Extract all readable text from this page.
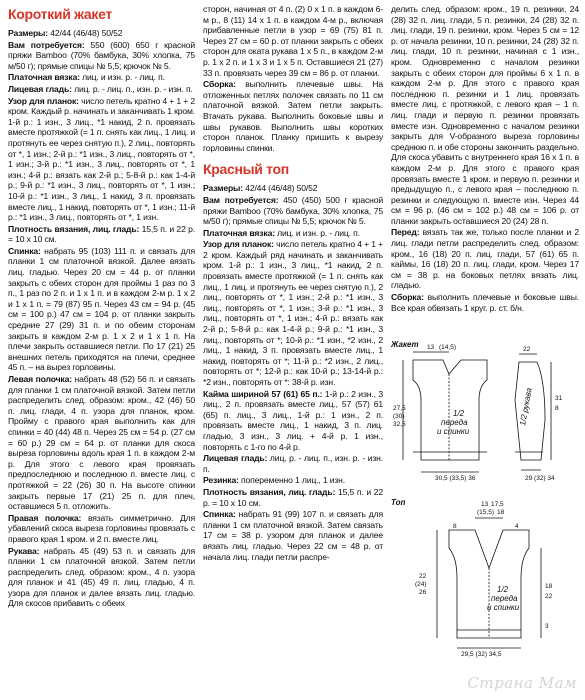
Короткий жакет

Размеры: 42/44 (46/48) 50/52

Вам потребуется: 550 (600) 650 г красной пряжи Bamboo (70% бамбука, 30% хлопка, 75 м/50 г); прямые спицы № 5,5; крючок № 5.

Платочная вязка: лиц. и изн. р. - лиц. п.

Лицевая гладь: лиц. р. - лиц. п., изн. р. - изн. п.

Узор для планок: число петель кратно 4 + 1 + 2 кром. Каждый р. начинать и заканчивать 1 кром. 1-й р.: 1 изн., 3 лиц., *1 накид, 2 п. провязать вместе протяжкой (= 1 п. снять как лиц., 1 лиц. и протянуть ее через снятую п.), 2 лиц., повторять от *, 1 изн.; 2-й р.: *1 изн., 3 лиц., повторять от *, 1 изн.; 3-й р.: *1 изн., 3 лиц., повторять от *, 1 изн.; 4-й р.: вязать как 2-й р.; 5-8-й р.: как 1-4-й р.; 9-й р.: *1 изн., 3 лиц., повторять от *, 1 изн.; 10-й р.: *1 изн., 3 лиц., 1 накид, 3 п. провязать вместе лиц., 1 накид, повторять от *, 1 изн.; 11-й р.: *1 изн., 3 лиц., повторять от *, 1 изн.

Плотность вязания, лиц. гладь: 15,5 п. и 22 р. = 10 х 10 см.

Спинка: набрать 95 (103) 111 п. и связать для планки 1 см платочной вязкой. Далее вязать лиц. гладью. Через 20 см = 44 р. от планки закрыть с обеих сторон для проймы 1 раз по 3 п., 1 раз по 2 п. и 1 х 1 п. и в каждом 2-м р. 1 х 2 и 1 х 1 п. = 79 (87) 95 п. Через 43 см = 94 р. (45 см = 100 р.) 47 см = 104 р. от планки закрыть средние 27 (29) 31 п. и по обеим сторонам закрыть в каждом 2-м р. 1 х 2 и 1 х 1 п. На плечи закрыть оставшиеся петли. По 17 (21) 25 внешних петель приходятся на плечи, среднее 45 п. – на вырез горловины.

Левая полочка: набрать 48 (52) 56 п. и связать для планки 1 см платочной вязкой. Затем петли распределить след. образом: кром., 42 (46) 50 п. лиц. глади, 4 п. узора для планок, кром. Пройму с правого края выполнить как для спинки = 40 (44) 48 п. Через 25 см = 54 р. (27 см = 60 р.) 29 см = 64 р. от планки для скоса выреза горловины вдоль края 1 п. в каждом 2-м р. Для этого с левого края провязать предпоследнюю и последнюю п. вместе лиц. с протяжкой = 22 (26) 30 п. На высоте спинки закрыть первые 17 (21) 25 п. для плеч, оставшиеся 5 п. отложить.

Правая полочка: вязать симметрично. Для убавлений скоса выреза горловины провязать с правого края 1 кром. и 2 п. вместе лиц.

Рукава: набрать 45 (49) 53 п. и связать для планки 1 см платочной вязкой. Затем петли распределить след. образом: кром., 4 п. узора для планок и 41 (45) 49 п. лиц. гладью, 4 п. узора для планок и далее вязать лиц. гладью. Для скосов прибавить с обеих

сторон, начиная от 4 п. (2) 0 х 1 п. в каждом 6-м р., 8 (11) 14 х 1 п. в каждом 4-м р., включая прибавленные петли в узор = 69 (75) 81 п. Через 27 см = 60 р. от планки закрыть с обеих сторон для оката рукава 1 х 5 п., в каждом 2-м р. 1 х 2 п. и 1 х 3 и 1 х 5 п. Оставшиеся 21 (27) 33 п. провязать через 39 см = 86 р. от планки.

Сборка: выполнить плечевые швы. На отложенных петлях полочек связать по 11 см платочной вязкой. Затем петли закрыть. Втачать рукава. Выполнить боковые швы и швы рукавов. Выполнить швы коротких сторон планок. Планку пришить к вырезу горловины спинки.

Красный топ

Размеры: 42/44 (46/48) 50/52

Вам потребуется: 450 (450) 500 г красной пряжи Bamboo (70% бамбука, 30% хлопка, 75 м/50 г); прямые спицы № 5,5; крючок № 5.

Платочная вязка: лиц. и изн. р. - лиц. п.

Узор для планок: число петель кратно 4 + 1 + 2 кром. Каждый ряд начинать и заканчивать кром. 1-й р.: 1 изн., 3 лиц., *1 накид, 2 п. провязать вместе протяжкой (= 1 п. снять как лиц., 1 лиц. и протянуть ее через снятую п.), 2 лиц., повторять от *, 1 изн.; 2-й р.: *1 изн., 3 лиц., повторять от *, 1 изн.; 3-й р.: *1 изн., 3 лиц., повторять от *, 1 изн.; 4-й р.: вязать как 2-й р.; 5-8-й р.: как 1-4-й р.; 9-й р.: *1 изн., 3 лиц., повторять от *; 10-й р.: *1 изн., *2 изн., 2 лиц., 1 накид, 3 п. провязать вместе лиц., 1 накид, повторять от *; 11-й р.: *2 изн., 2 лиц., повторять от *; 12-й р.: как 10-й р.; 13-14-й р.: *2 изн., повторять от *: 38-й р. изн.

Кайма шириной 57 (61) 65 п.: 1-й р.: 2 изн., 3 лиц., 2 п. провязать вместе лиц., 57 (57) 61 (65) п. лиц., 3 лиц., 1-й р.: 1 изн., 2 п. провязать вместе лиц., 1 накид, 3 п. лиц. гладью, 3 изн., 3 лиц. + 4-й р. 1 изн., повторять с 1-го по 4-й р.

Лицевая гладь: лиц. р. - лиц. п., изн. р. - изн. п.

Резинка: попеременно 1 лиц., 1 изн.

Плотность вязания, лиц. гладь: 15,5 п. и 22 р. = 10 х 10 см.

Спинка: набрать 91 (99) 107 п. и связать для планки 1 см платочной вязкой. Затем связать 17 см = 38 р. узором для планок и далее вязать лиц. гладью. Через 22 см = 48 р. от начала лиц. глади петли распре-

делить след. образом: кром., 19 п. резинки, 24 (28) 32 п. лиц. глади, 5 п. резинки, 24 (28) 32 п. лиц. глади, 19 п. резинки, кром. Через 5 см = 12 р. от начала резинки, 10 п. резинки, 24 (28) 32 п. лиц. глади, 10 п. резинки, начиная с 1 изн., кром. Одновременно с началом резинки закрыть с обеих сторон для проймы 6 х 1 п. в каждом 2-м р. Для этого с правого края последнюю п. резинки и 1 лиц. провязать вместе лиц. с протяжкой, с левого края – 1 п. лиц. глади и первую п. резинки провязать вместе изн. Одновременно с началом резинки закрыть для V-образного выреза горловины среднюю п. и обе стороны закончить раздельно. Для скоса убавить с внутреннего края 16 х 1 п. в каждом 2-м р. Для этого с правого края провязать вместе 1 кром. и первую п. резинки и предыдущую п., с левого края – последнюю п. резинки и следующую п. вместе изн. Через 44 см = 96 р. (46 см = 102 р.) 48 см = 106 р. от планки закрыть оставшиеся 20 (24) 28 п.

Перед: вязать так же, только после планки и 2 лиц. глади петли распределить след. образом: кром., 16 (18) 20 п. лиц. глади, 57 (61) 65 п. каймы, 16 (18) 20 п. лиц. глади, кром. Через 17 см = 38 р. на боковых петлях вязать лиц. гладью.

Сборка: выполнить плечевые и боковые швы. Все края обвязать 1 круг. р. ст. б/н.

Жакет
1/2
переда
и спинки
1/2 рукава
13 (14,5)
27,5
(30)
32,5
30,5 (33,5) 36
22
31
8
29 (32) 34
Топ	13
(15,5)
17,5
18
8	4
22
(24)
26
18
22
3
1/2
переда
и спинки
29,5 (32) 34,5
Страна Мам
